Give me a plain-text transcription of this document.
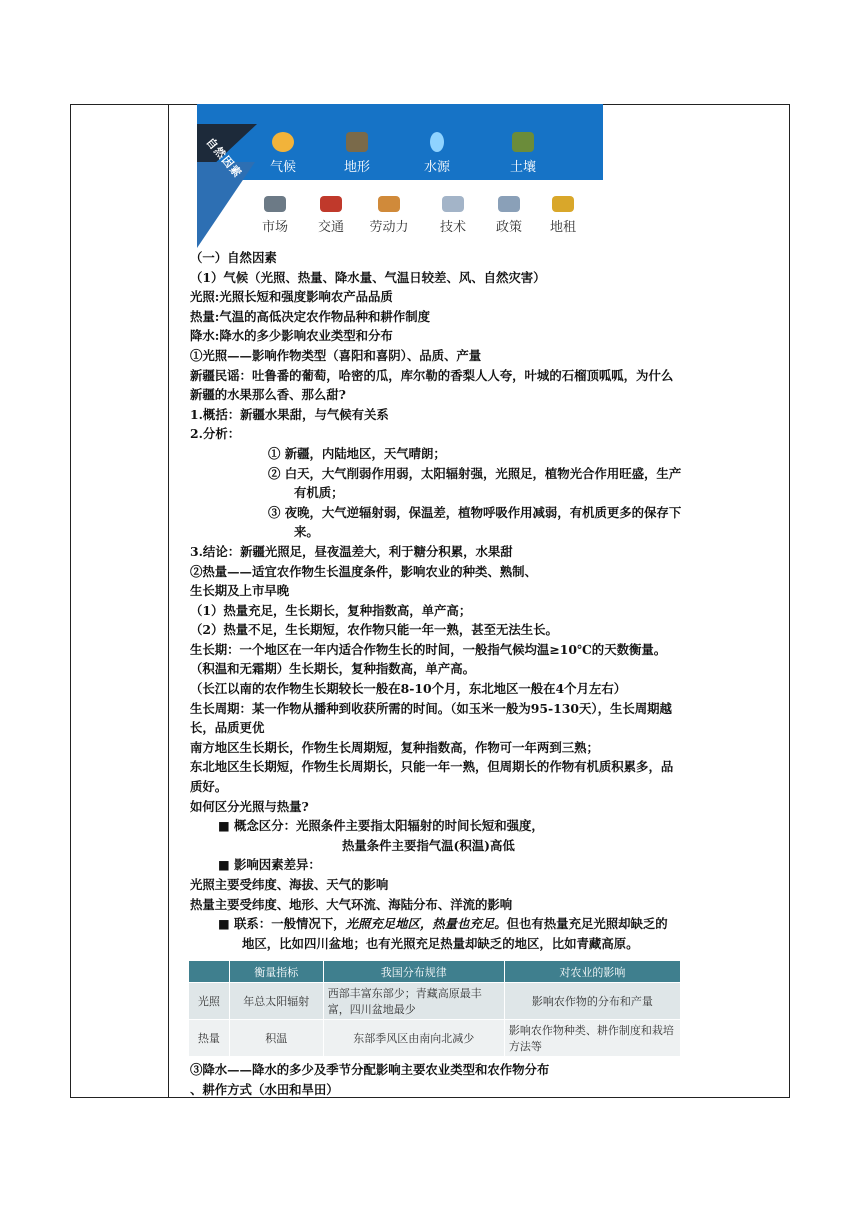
自然因素
人文因素
气候	地形	水源	土壤
市场	交通	劳动力	技术	政策	地租

（一）自然因素

（1）气候（光照、热量、降水量、气温日较差、风、自然灾害）

光照:光照长短和强度影响农产品品质

热量:气温的高低决定农作物品种和耕作制度

降水:降水的多少影响农业类型和分布

①光照——影响作物类型（喜阳和喜阴）、品质、产量

新疆民谣：吐鲁番的葡萄，哈密的瓜，库尔勒的香梨人人夸，叶城的石榴顶呱呱，为什么

新疆的水果那么香、那么甜?

1.概括：新疆水果甜，与气候有关系

2.分析：

① 新疆，内陆地区，天气晴朗；

② 白天，大气削弱作用弱，太阳辐射强，光照足，植物光合作用旺盛，生产

有机质；

③ 夜晚，大气逆辐射弱，保温差，植物呼吸作用减弱，有机质更多的保存下

来。

3.结论：新疆光照足，昼夜温差大，利于糖分积累，水果甜

②热量——适宜农作物生长温度条件，影响农业的种类、熟制、

生长期及上市早晚

（1）热量充足，生长期长，复种指数高，单产高；

（2）热量不足，生长期短，农作物只能一年一熟，甚至无法生长。

生长期：一个地区在一年内适合作物生长的时间，一般指气候均温≥10℃的天数衡量。

（积温和无霜期）生长期长，复种指数高，单产高。

（长江以南的农作物生长期较长一般在8-10个月，东北地区一般在4个月左右）

生长周期：某一作物从播种到收获所需的时间。（如玉米一般为95-130天），生长周期越

长，品质更优

南方地区生长期长，作物生长周期短，复种指数高，作物可一年两到三熟；

东北地区生长期短，作物生长周期长，只能一年一熟，但周期长的作物有机质积累多，品

质好。

如何区分光照与热量?

■ 概念区分：光照条件主要指太阳辐射的时间长短和强度，

热量条件主要指气温(积温)高低

■ 影响因素差异：

光照主要受纬度、海拔、天气的影响

热量主要受纬度、地形、大气环流、海陆分布、洋流的影响

■ 联系：一般情况下，光照充足地区，热量也充足。但也有热量充足光照却缺乏的

地区，比如四川盆地；也有光照充足热量却缺乏的地区，比如青藏高原。

	衡量指标	我国分布规律	对农业的影响
光照	年总太阳辐射	西部丰富东部少；青藏高原最丰富，四川盆地最少	影响农作物的分布和产量
热量	积温	东部季风区由南向北减少	影响农作物种类、耕作制度和栽培方法等

③降水——降水的多少及季节分配影响主要农业类型和农作物分布

、耕作方式（水田和旱田）
